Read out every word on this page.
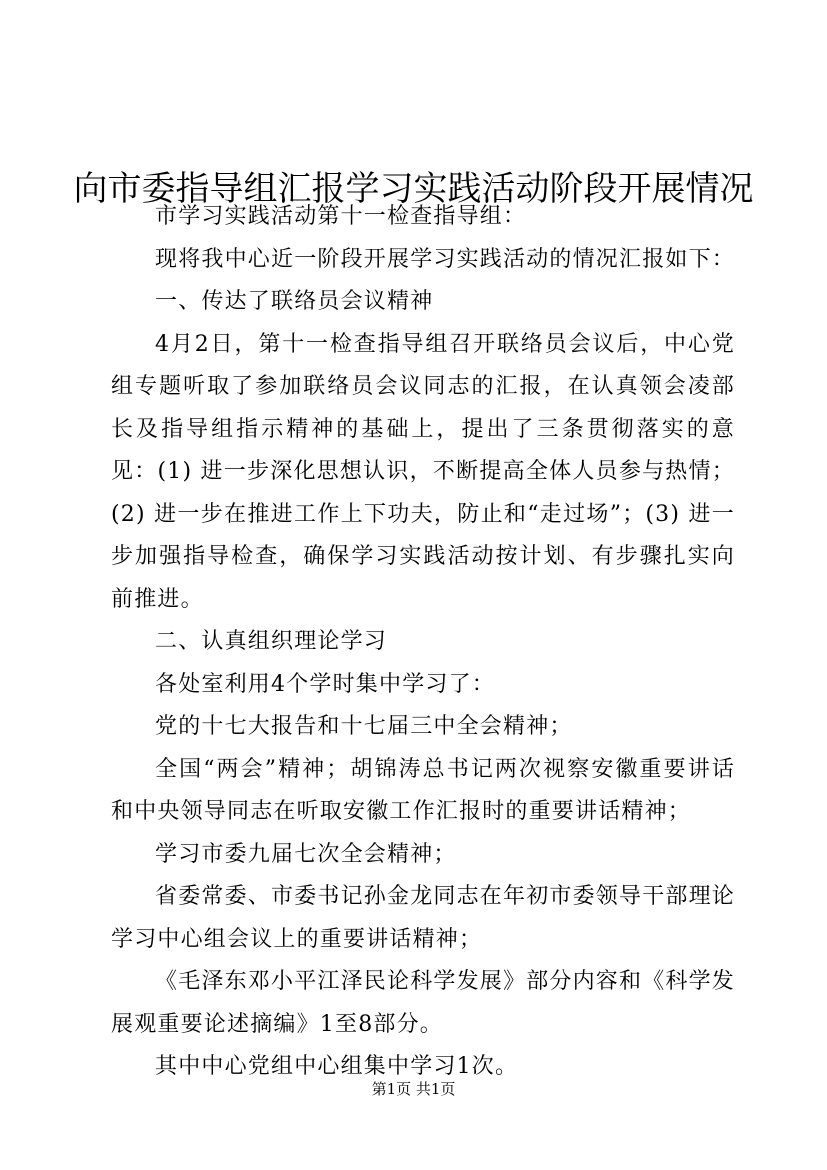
向市委指导组汇报学习实践活动阶段开展情况

市学习实践活动第十一检查指导组：

现将我中心近一阶段开展学习实践活动的情况汇报如下：

一、传达了联络员会议精神

4月2日，第十一检查指导组召开联络员会议后，中心党组专题听取了参加联络员会议同志的汇报，在认真领会凌部长及指导组指示精神的基础上，提出了三条贯彻落实的意见：(1) 进一步深化思想认识，不断提高全体人员参与热情；(2) 进一步在推进工作上下功夫，防止和“走过场”；(3) 进一步加强指导检查，确保学习实践活动按计划、有步骤扎实向前推进。

二、认真组织理论学习

各处室利用4个学时集中学习了：

党的十七大报告和十七届三中全会精神；

全国“两会”精神；胡锦涛总书记两次视察安徽重要讲话和中央领导同志在听取安徽工作汇报时的重要讲话精神；

学习市委九届七次全会精神；

省委常委、市委书记孙金龙同志在年初市委领导干部理论学习中心组会议上的重要讲话精神；

《毛泽东邓小平江泽民论科学发展》部分内容和《科学发展观重要论述摘编》1至8部分。

其中中心党组中心组集中学习1次。

第1页 共1页
